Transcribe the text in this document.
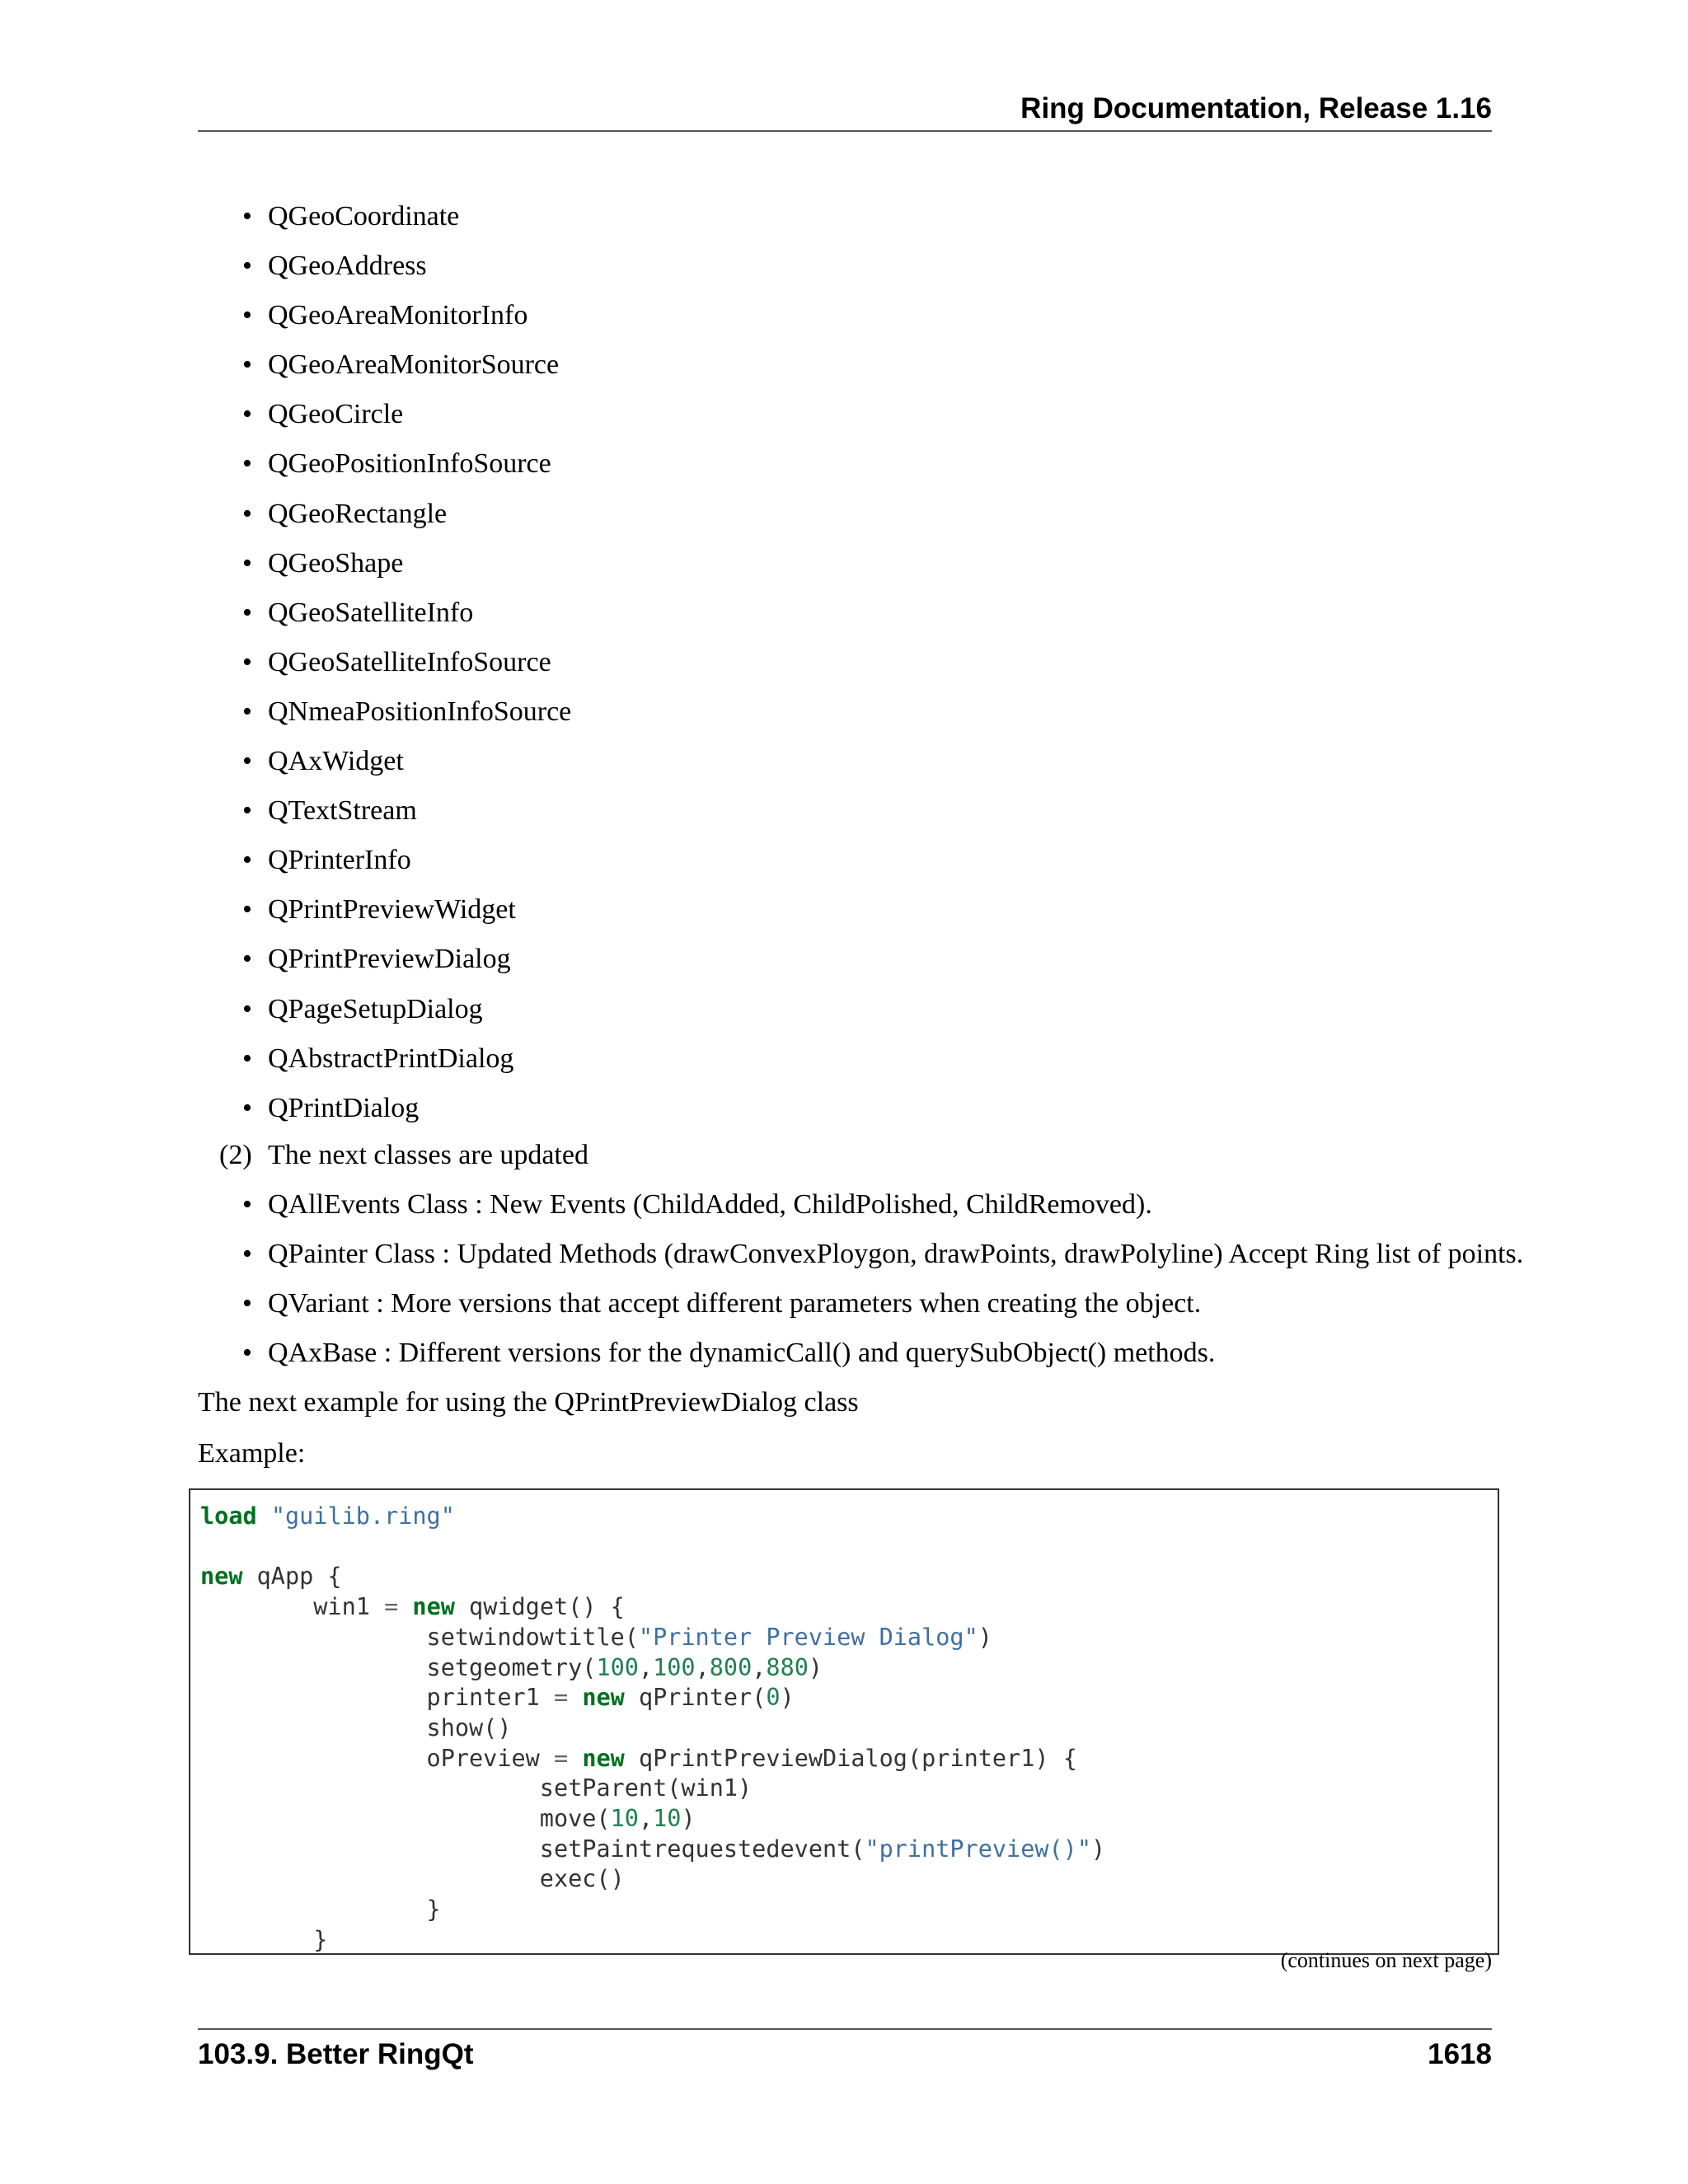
Ring Documentation, Release 1.16
• QGeoCoordinate
• QGeoAddress
• QGeoAreaMonitorInfo
• QGeoAreaMonitorSource
• QGeoCircle
• QGeoPositionInfoSource
• QGeoRectangle
• QGeoShape
• QGeoSatelliteInfo
• QGeoSatelliteInfoSource
• QNmeaPositionInfoSource
• QAxWidget
• QTextStream
• QPrinterInfo
• QPrintPreviewWidget
• QPrintPreviewDialog
• QPageSetupDialog
• QAbstractPrintDialog
• QPrintDialog
(2) The next classes are updated
• QAllEvents Class : New Events (ChildAdded, ChildPolished, ChildRemoved).
• QPainter Class : Updated Methods (drawConvexPloygon, drawPoints, drawPolyline) Accept Ring list of points.
• QVariant : More versions that accept different parameters when creating the object.
• QAxBase : Different versions for the dynamicCall() and querySubObject() methods.
The next example for using the QPrintPreviewDialog class
Example:
load "guilib.ring"

new qApp {
win1 = new qwidget() {
setwindowtitle("Printer Preview Dialog")
setgeometry(100,100,800,880)
printer1 = new qPrinter(0)
show()
oPreview = new qPrintPreviewDialog(printer1) {
setParent(win1)
move(10,10)
setPaintrequestedevent("printPreview()")
exec()
}
}
(continues on next page)
103.9. Better RingQt	1618
